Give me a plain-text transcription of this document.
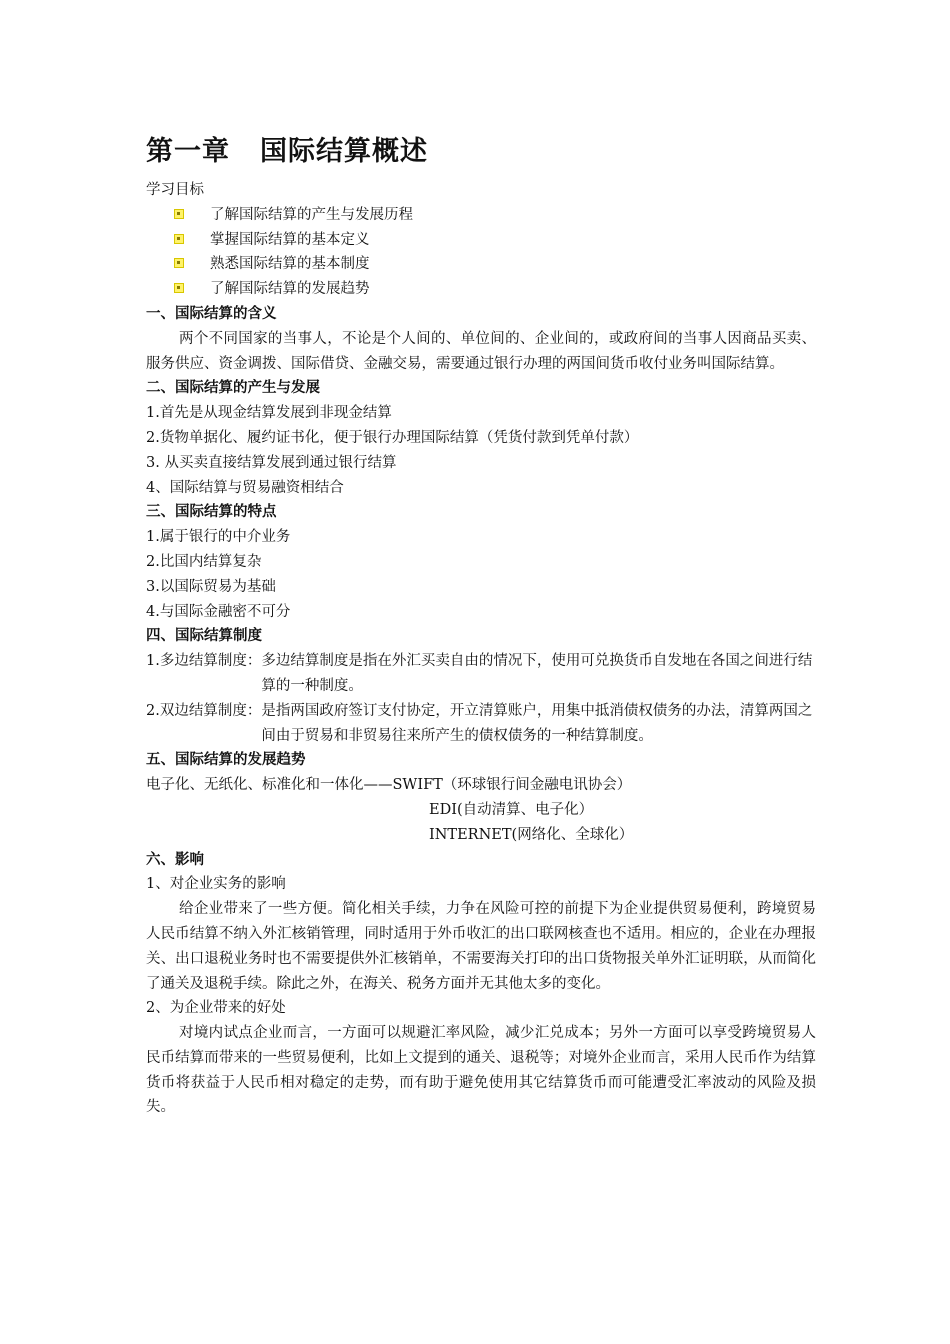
第一章 国际结算概述
学习目标
了解国际结算的产生与发展历程
掌握国际结算的基本定义
熟悉国际结算的基本制度
了解国际结算的发展趋势
一、国际结算的含义
两个不同国家的当事人，不论是个人间的、单位间的、企业间的，或政府间的当事人因商品买卖、服务供应、资金调拨、国际借贷、金融交易，需要通过银行办理的两国间货币收付业务叫国际结算。
二、国际结算的产生与发展
1.首先是从现金结算发展到非现金结算
2.货物单据化、履约证书化，便于银行办理国际结算（凭货付款到凭单付款）
3. 从买卖直接结算发展到通过银行结算
4、国际结算与贸易融资相结合
三、国际结算的特点
1.属于银行的中介业务
2.比国内结算复杂
3.以国际贸易为基础
4.与国际金融密不可分
四、国际结算制度
1.多边结算制度： 多边结算制度是指在外汇买卖自由的情况下，使用可兑换货币自发地在各国之间进行结算的一种制度。
2.双边结算制度： 是指两国政府签订支付协定，开立清算账户，用集中抵消债权债务的办法，清算两国之间由于贸易和非贸易往来所产生的债权债务的一种结算制度。
五、国际结算的发展趋势
电子化、无纸化、标准化和一体化——SWIFT（环球银行间金融电讯协会）
EDI(自动清算、电子化）
INTERNET(网络化、全球化）
六、影响
1、对企业实务的影响
给企业带来了一些方便。简化相关手续，力争在风险可控的前提下为企业提供贸易便利，跨境贸易人民币结算不纳入外汇核销管理，同时适用于外币收汇的出口联网核查也不适用。相应的，企业在办理报关、出口退税业务时也不需要提供外汇核销单，不需要海关打印的出口货物报关单外汇证明联，从而简化了通关及退税手续。除此之外，在海关、税务方面并无其他太多的变化。
2、为企业带来的好处
对境内试点企业而言，一方面可以规避汇率风险，减少汇兑成本；另外一方面可以享受跨境贸易人民币结算而带来的一些贸易便利，比如上文提到的通关、退税等；对境外企业而言，采用人民币作为结算货币将获益于人民币相对稳定的走势，而有助于避免使用其它结算货币而可能遭受汇率波动的风险及损失。
